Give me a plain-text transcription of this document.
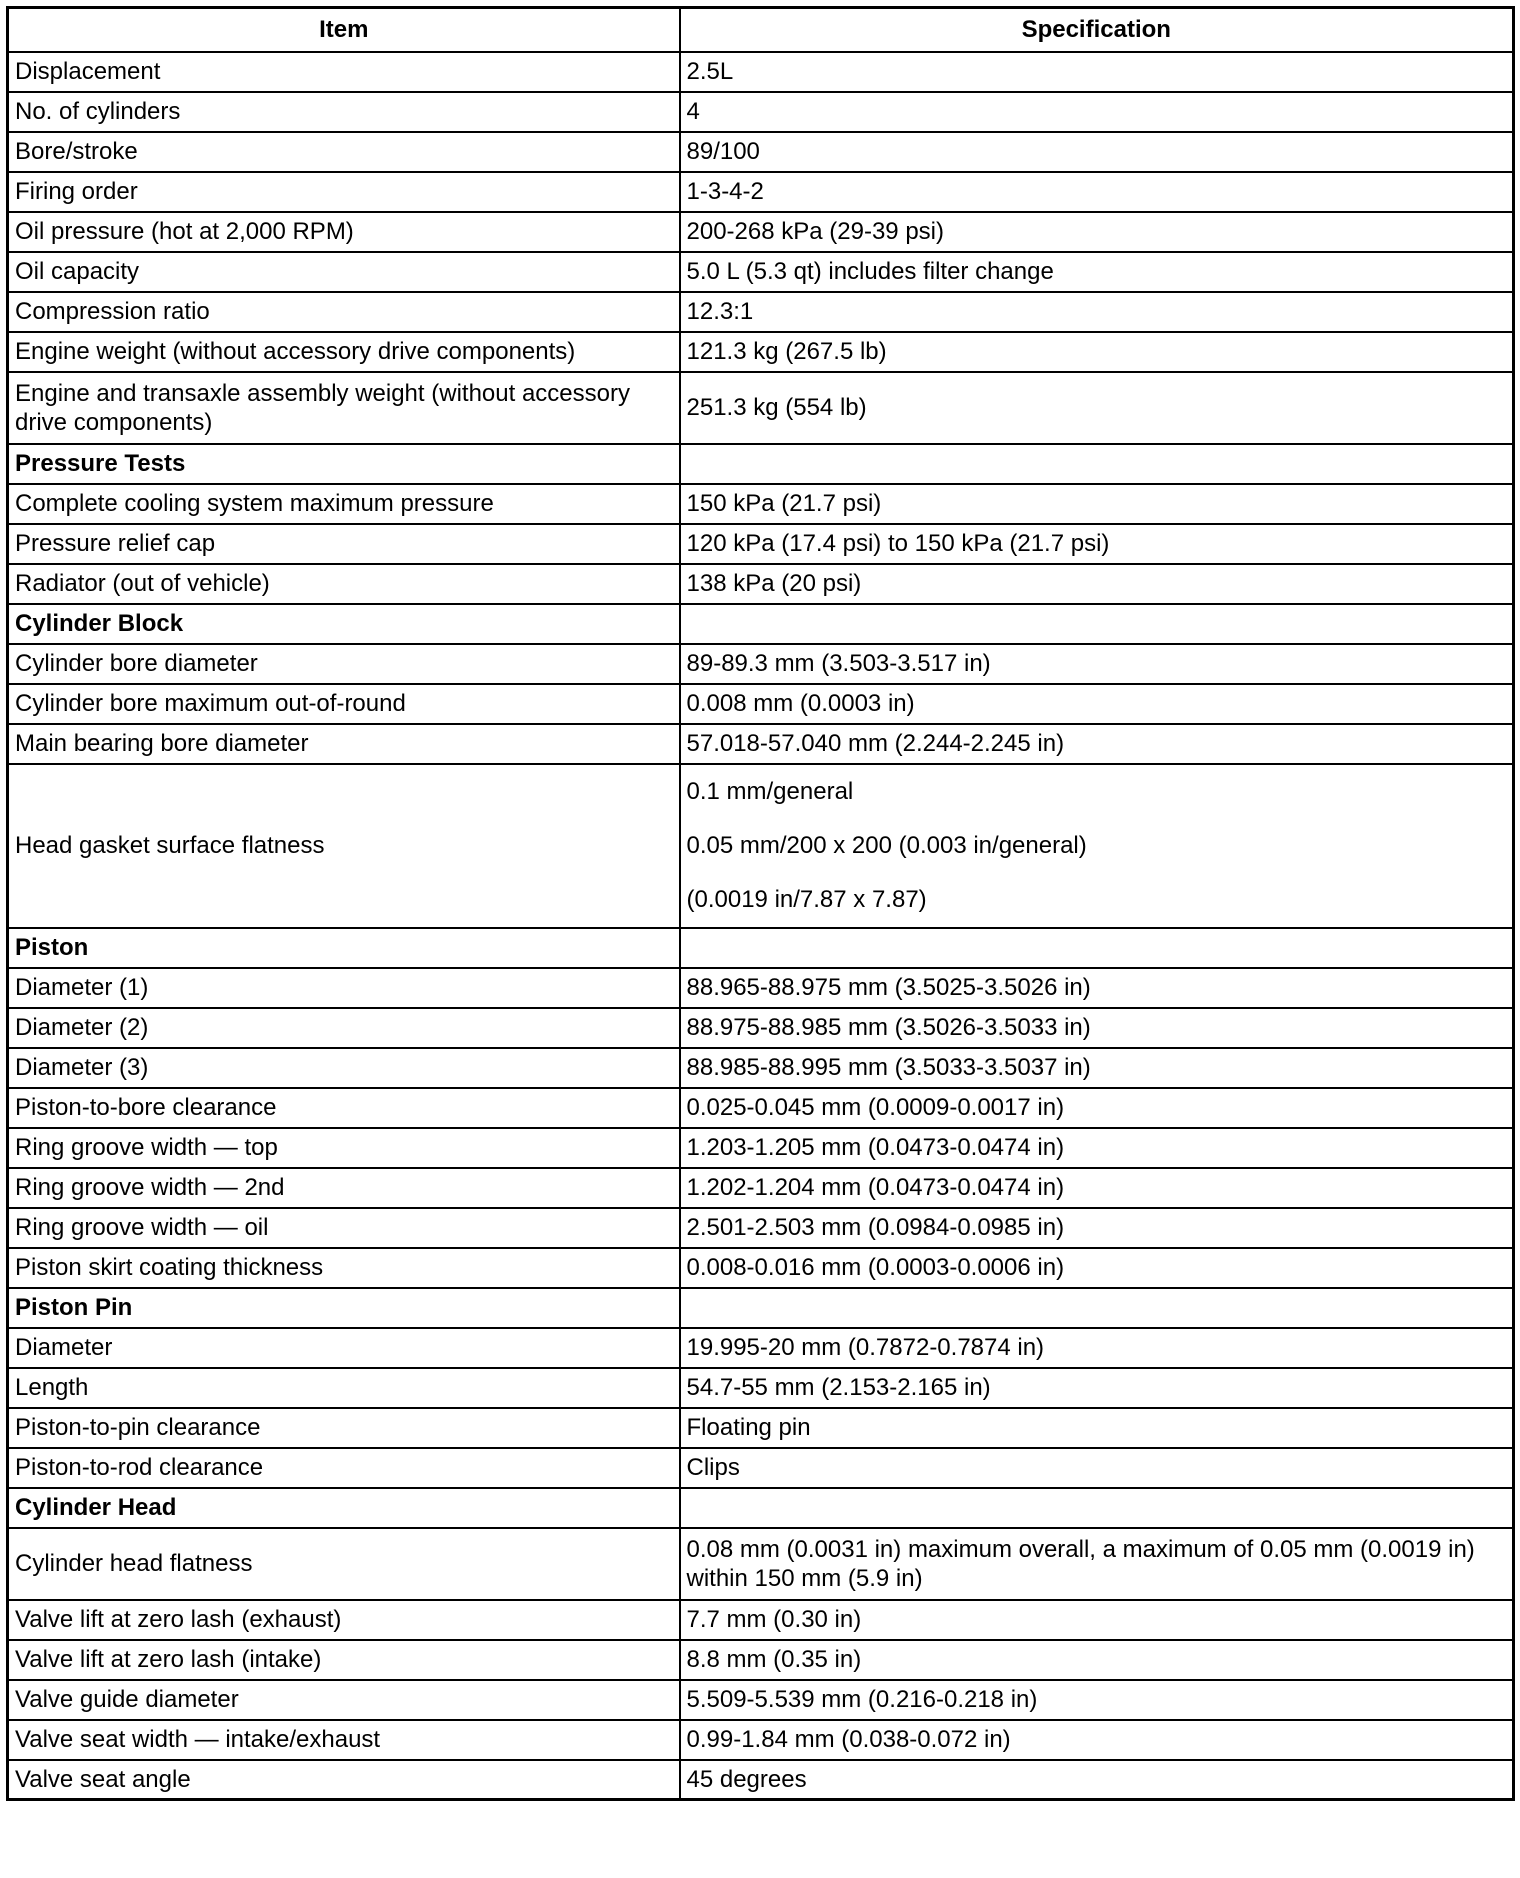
Item	Specification
Displacement	2.5L
No. of cylinders	4
Bore/stroke	89/100
Firing order	1-3-4-2
Oil pressure (hot at 2,000 RPM)	200-268 kPa (29-39 psi)
Oil capacity	5.0 L (5.3 qt) includes filter change
Compression ratio	12.3:1
Engine weight (without accessory drive components)	121.3 kg (267.5 lb)
Engine and transaxle assembly weight (without accessory drive components)	251.3 kg (554 lb)
Pressure Tests	
Complete cooling system maximum pressure	150 kPa (21.7 psi)
Pressure relief cap	120 kPa (17.4 psi) to 150 kPa (21.7 psi)
Radiator (out of vehicle)	138 kPa (20 psi)
Cylinder Block	
Cylinder bore diameter	89-89.3 mm (3.503-3.517 in)
Cylinder bore maximum out-of-round	0.008 mm (0.0003 in)
Main bearing bore diameter	57.018-57.040 mm (2.244-2.245 in)
Head gasket surface flatness	0.1 mm/general
0.05 mm/200 x 200 (0.003 in/general)
(0.0019 in/7.87 x 7.87)

Piston	
Diameter (1)	88.965-88.975 mm (3.5025-3.5026 in)
Diameter (2)	88.975-88.985 mm (3.5026-3.5033 in)
Diameter (3)	88.985-88.995 mm (3.5033-3.5037 in)
Piston-to-bore clearance	0.025-0.045 mm (0.0009-0.0017 in)
Ring groove width — top	1.203-1.205 mm (0.0473-0.0474 in)
Ring groove width — 2nd	1.202-1.204 mm (0.0473-0.0474 in)
Ring groove width — oil	2.501-2.503 mm (0.0984-0.0985 in)
Piston skirt coating thickness	0.008-0.016 mm (0.0003-0.0006 in)
Piston Pin	
Diameter	19.995-20 mm (0.7872-0.7874 in)
Length	54.7-55 mm (2.153-2.165 in)
Piston-to-pin clearance	Floating pin
Piston-to-rod clearance	Clips
Cylinder Head	
Cylinder head flatness	0.08 mm (0.0031 in) maximum overall, a maximum of 0.05 mm (0.0019 in) within 150 mm (5.9 in)
Valve lift at zero lash (exhaust)	7.7 mm (0.30 in)
Valve lift at zero lash (intake)	8.8 mm (0.35 in)
Valve guide diameter	5.509-5.539 mm (0.216-0.218 in)
Valve seat width — intake/exhaust	0.99-1.84 mm (0.038-0.072 in)
Valve seat angle	45 degrees
